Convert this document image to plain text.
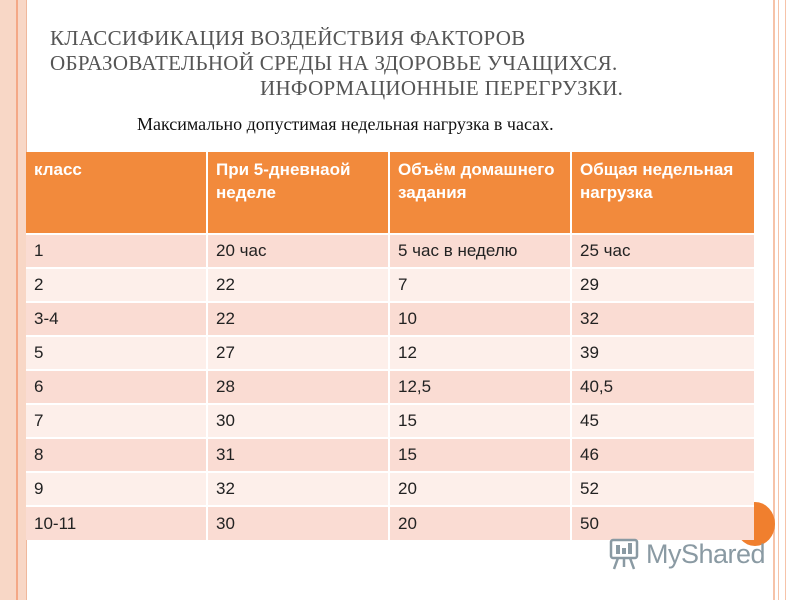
КЛАССИФИКАЦИЯ ВОЗДЕЙСТВИЯ ФАКТОРОВ
ОБРАЗОВАТЕЛЬНОЙ СРЕДЫ НА ЗДОРОВЬЕ УЧАЩИХСЯ.
ИНФОРМАЦИОННЫЕ ПЕРЕГРУЗКИ.
Максимально допустимая недельная нагрузка в часах.
класс	При 5-дневнаой неделе	Объём домашнего задания	Общая недельная нагрузка
1	20 час	5 час в неделю	25 час
2	22	7	29
3-4	22	10	32
5	27	12	39
6	28	12,5	40,5
7	30	15	45
8	31	15	46
9	32	20	52
10-11	30	20	50
MyShared
